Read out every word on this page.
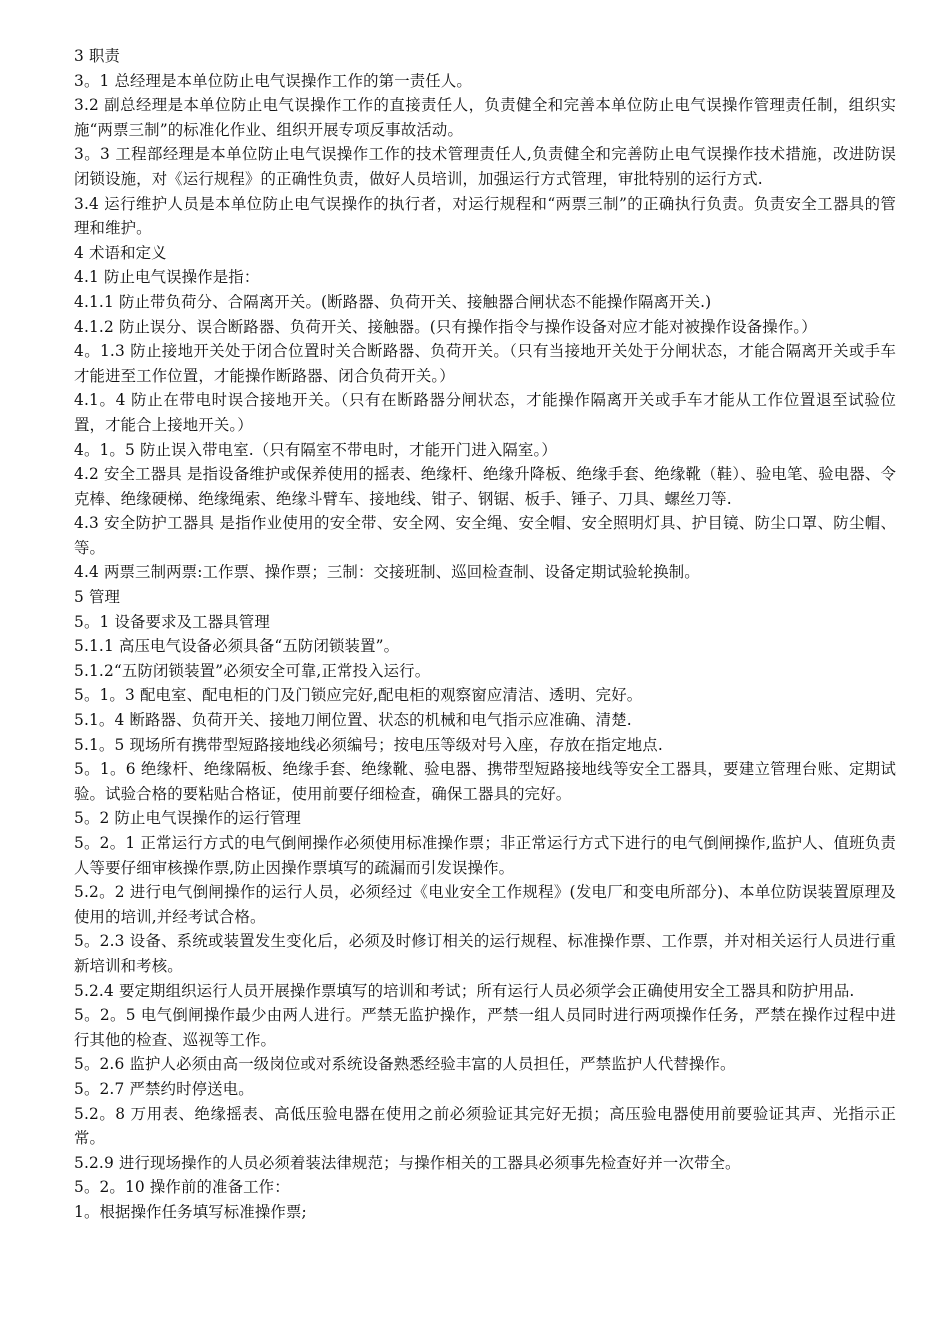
3 职责

3。1 总经理是本单位防止电气误操作工作的第一责任人。

3.2 副总经理是本单位防止电气误操作工作的直接责任人，负责健全和完善本单位防止电气误操作管理责任制，组织实施“两票三制”的标准化作业、组织开展专项反事故活动。

3。3 工程部经理是本单位防止电气误操作工作的技术管理责任人,负责健全和完善防止电气误操作技术措施，改进防误闭锁设施，对《运行规程》的正确性负责，做好人员培训，加强运行方式管理，审批特别的运行方式.

3.4 运行维护人员是本单位防止电气误操作的执行者，对运行规程和“两票三制”的正确执行负责。负责安全工器具的管理和维护。

4 术语和定义

4.1 防止电气误操作是指：

4.1.1 防止带负荷分、合隔离开关。(断路器、负荷开关、接触器合闸状态不能操作隔离开关.)

4.1.2 防止误分、误合断路器、负荷开关、接触器。(只有操作指令与操作设备对应才能对被操作设备操作。）

4。1.3 防止接地开关处于闭合位置时关合断路器、负荷开关。（只有当接地开关处于分闸状态，才能合隔离开关或手车才能进至工作位置，才能操作断路器、闭合负荷开关。）

4.1。4 防止在带电时误合接地开关。（只有在断路器分闸状态，才能操作隔离开关或手车才能从工作位置退至试验位置，才能合上接地开关。）

4。1。5 防止误入带电室.（只有隔室不带电时，才能开门进入隔室。）

4.2 安全工器具 是指设备维护或保养使用的摇表、绝缘杆、绝缘升降板、绝缘手套、绝缘靴（鞋）、验电笔、验电器、令克棒、绝缘硬梯、绝缘绳索、绝缘斗臂车、接地线、钳子、钢锯、板手、锤子、刀具、螺丝刀等.

4.3 安全防护工器具 是指作业使用的安全带、安全网、安全绳、安全帽、安全照明灯具、护目镜、防尘口罩、防尘帽、等。

4.4 两票三制两票:工作票、操作票；三制：交接班制、巡回检查制、设备定期试验轮换制。

5 管理

5。1 设备要求及工器具管理

5.1.1 高压电气设备必须具备“五防闭锁装置”。

5.1.2“五防闭锁装置”必须安全可靠,正常投入运行。

5。1。3 配电室、配电柜的门及门锁应完好,配电柜的观察窗应清洁、透明、完好。

5.1。4 断路器、负荷开关、接地刀闸位置、状态的机械和电气指示应准确、清楚.

5.1。5 现场所有携带型短路接地线必须编号；按电压等级对号入座，存放在指定地点.

5。1。6 绝缘杆、绝缘隔板、绝缘手套、绝缘靴、验电器、携带型短路接地线等安全工器具，要建立管理台账、定期试验。试验合格的要粘贴合格证，使用前要仔细检查，确保工器具的完好。

5。2 防止电气误操作的运行管理

5。2。1 正常运行方式的电气倒闸操作必须使用标准操作票；非正常运行方式下进行的电气倒闸操作,监护人、值班负责人等要仔细审核操作票,防止因操作票填写的疏漏而引发误操作。

5.2。2 进行电气倒闸操作的运行人员，必须经过《电业安全工作规程》(发电厂和变电所部分)、本单位防误装置原理及使用的培训,并经考试合格。

5。2.3 设备、系统或装置发生变化后，必须及时修订相关的运行规程、标准操作票、工作票，并对相关运行人员进行重新培训和考核。

5.2.4 要定期组织运行人员开展操作票填写的培训和考试；所有运行人员必须学会正确使用安全工器具和防护用品.

5。2。5 电气倒闸操作最少由两人进行。严禁无监护操作，严禁一组人员同时进行两项操作任务，严禁在操作过程中进行其他的检查、巡视等工作。

5。2.6 监护人必须由高一级岗位或对系统设备熟悉经验丰富的人员担任，严禁监护人代替操作。

5。2.7 严禁约时停送电。

5.2。8 万用表、绝缘摇表、高低压验电器在使用之前必须验证其完好无损；高压验电器使用前要验证其声、光指示正常。

5.2.9 进行现场操作的人员必须着装法律规范；与操作相关的工器具必须事先检查好并一次带全。

5。2。10 操作前的准备工作：

1。根据操作任务填写标准操作票;
